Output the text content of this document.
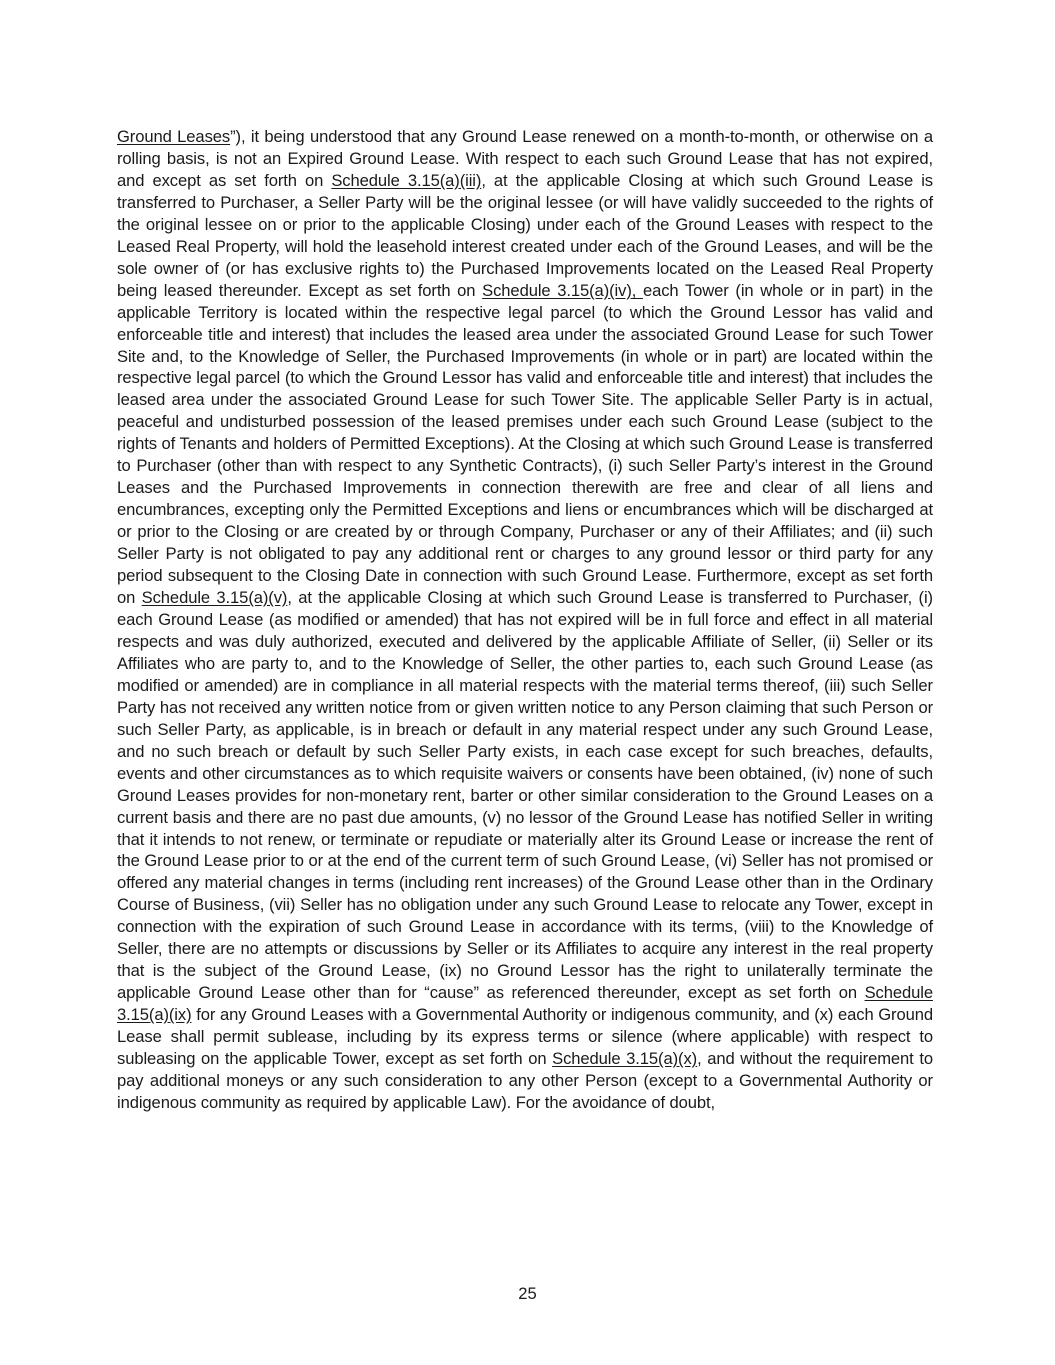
Ground Leases”), it being understood that any Ground Lease renewed on a month-to-month, or otherwise on a rolling basis, is not an Expired Ground Lease. With respect to each such Ground Lease that has not expired, and except as set forth on Schedule 3.15(a)(iii), at the applicable Closing at which such Ground Lease is transferred to Purchaser, a Seller Party will be the original lessee (or will have validly succeeded to the rights of the original lessee on or prior to the applicable Closing) under each of the Ground Leases with respect to the Leased Real Property, will hold the leasehold interest created under each of the Ground Leases, and will be the sole owner of (or has exclusive rights to) the Purchased Improvements located on the Leased Real Property being leased thereunder. Except as set forth on Schedule 3.15(a)(iv), each Tower (in whole or in part) in the applicable Territory is located within the respective legal parcel (to which the Ground Lessor has valid and enforceable title and interest) that includes the leased area under the associated Ground Lease for such Tower Site and, to the Knowledge of Seller, the Purchased Improvements (in whole or in part) are located within the respective legal parcel (to which the Ground Lessor has valid and enforceable title and interest) that includes the leased area under the associated Ground Lease for such Tower Site. The applicable Seller Party is in actual, peaceful and undisturbed possession of the leased premises under each such Ground Lease (subject to the rights of Tenants and holders of Permitted Exceptions). At the Closing at which such Ground Lease is transferred to Purchaser (other than with respect to any Synthetic Contracts), (i) such Seller Party’s interest in the Ground Leases and the Purchased Improvements in connection therewith are free and clear of all liens and encumbrances, excepting only the Permitted Exceptions and liens or encumbrances which will be discharged at or prior to the Closing or are created by or through Company, Purchaser or any of their Affiliates; and (ii) such Seller Party is not obligated to pay any additional rent or charges to any ground lessor or third party for any period subsequent to the Closing Date in connection with such Ground Lease. Furthermore, except as set forth on Schedule 3.15(a)(v), at the applicable Closing at which such Ground Lease is transferred to Purchaser, (i) each Ground Lease (as modified or amended) that has not expired will be in full force and effect in all material respects and was duly authorized, executed and delivered by the applicable Affiliate of Seller, (ii) Seller or its Affiliates who are party to, and to the Knowledge of Seller, the other parties to, each such Ground Lease (as modified or amended) are in compliance in all material respects with the material terms thereof, (iii) such Seller Party has not received any written notice from or given written notice to any Person claiming that such Person or such Seller Party, as applicable, is in breach or default in any material respect under any such Ground Lease, and no such breach or default by such Seller Party exists, in each case except for such breaches, defaults, events and other circumstances as to which requisite waivers or consents have been obtained, (iv) none of such Ground Leases provides for non-monetary rent, barter or other similar consideration to the Ground Leases on a current basis and there are no past due amounts, (v) no lessor of the Ground Lease has notified Seller in writing that it intends to not renew, or terminate or repudiate or materially alter its Ground Lease or increase the rent of the Ground Lease prior to or at the end of the current term of such Ground Lease, (vi) Seller has not promised or offered any material changes in terms (including rent increases) of the Ground Lease other than in the Ordinary Course of Business, (vii) Seller has no obligation under any such Ground Lease to relocate any Tower, except in connection with the expiration of such Ground Lease in accordance with its terms, (viii) to the Knowledge of Seller, there are no attempts or discussions by Seller or its Affiliates to acquire any interest in the real property that is the subject of the Ground Lease, (ix) no Ground Lessor has the right to unilaterally terminate the applicable Ground Lease other than for “cause” as referenced thereunder, except as set forth on Schedule 3.15(a)(ix) for any Ground Leases with a Governmental Authority or indigenous community, and (x) each Ground Lease shall permit sublease, including by its express terms or silence (where applicable) with respect to subleasing on the applicable Tower, except as set forth on Schedule 3.15(a)(x), and without the requirement to pay additional moneys or any such consideration to any other Person (except to a Governmental Authority or indigenous community as required by applicable Law). For the avoidance of doubt,

25
